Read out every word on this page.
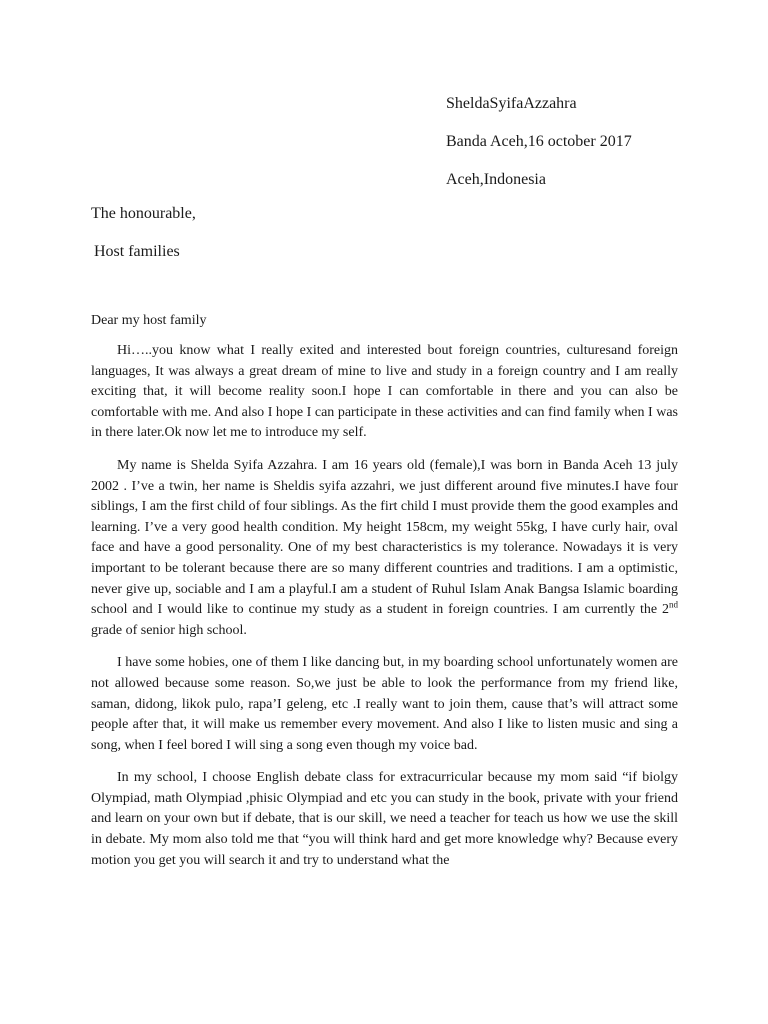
SheldaSyifaAzzahra
Banda Aceh,16 october 2017
Aceh,Indonesia
The honourable,
Host families
Dear my host family

Hi…..you know what I really exited and interested bout foreign countries, culturesand foreign languages, It was always a great dream of mine to live and study in a foreign country and I am really exciting that, it will become reality soon.I hope I can comfortable in there and you can also be comfortable with me. And also I hope I can participate in these activities and can find family when I was in there later.Ok now let me to introduce my self.

My name is Shelda Syifa Azzahra. I am 16 years old (female),I was born in Banda Aceh 13 july 2002 . I’ve a twin, her name is Sheldis syifa azzahri, we just different around five minutes.I have four siblings, I am the first child of four siblings. As the firt child I must provide them the good examples and learning. I’ve a very good health condition. My height 158cm, my weight 55kg, I have curly hair, oval face and have a good personality. One of my best characteristics is my tolerance. Nowadays it is very important to be tolerant because there are so many different countries and traditions. I am a optimistic, never give up, sociable and I am a playful.I am a student of Ruhul Islam Anak Bangsa Islamic boarding school and I would like to continue my study as a student in foreign countries. I am currently the 2nd grade of senior high school.

I have some hobies, one of them I like dancing but, in my boarding school unfortunately women are not allowed because some reason. So,we just be able to look the performance from my friend like, saman, didong, likok pulo, rapa’I geleng, etc .I really want to join them, cause that’s will attract some people after that, it will make us remember every movement. And also I like to listen music and sing a song, when I feel bored I will sing a song even though my voice bad.

In my school, I choose English debate class for extracurricular because my mom said “if biolgy Olympiad, math Olympiad ,phisic Olympiad and etc you can study in the book, private with your friend and learn on your own but if debate, that is our skill, we need a teacher for teach us how we use the skill in debate. My mom also told me that “you will think hard and get more knowledge why? Because every motion you get you will search it and try to understand what the
